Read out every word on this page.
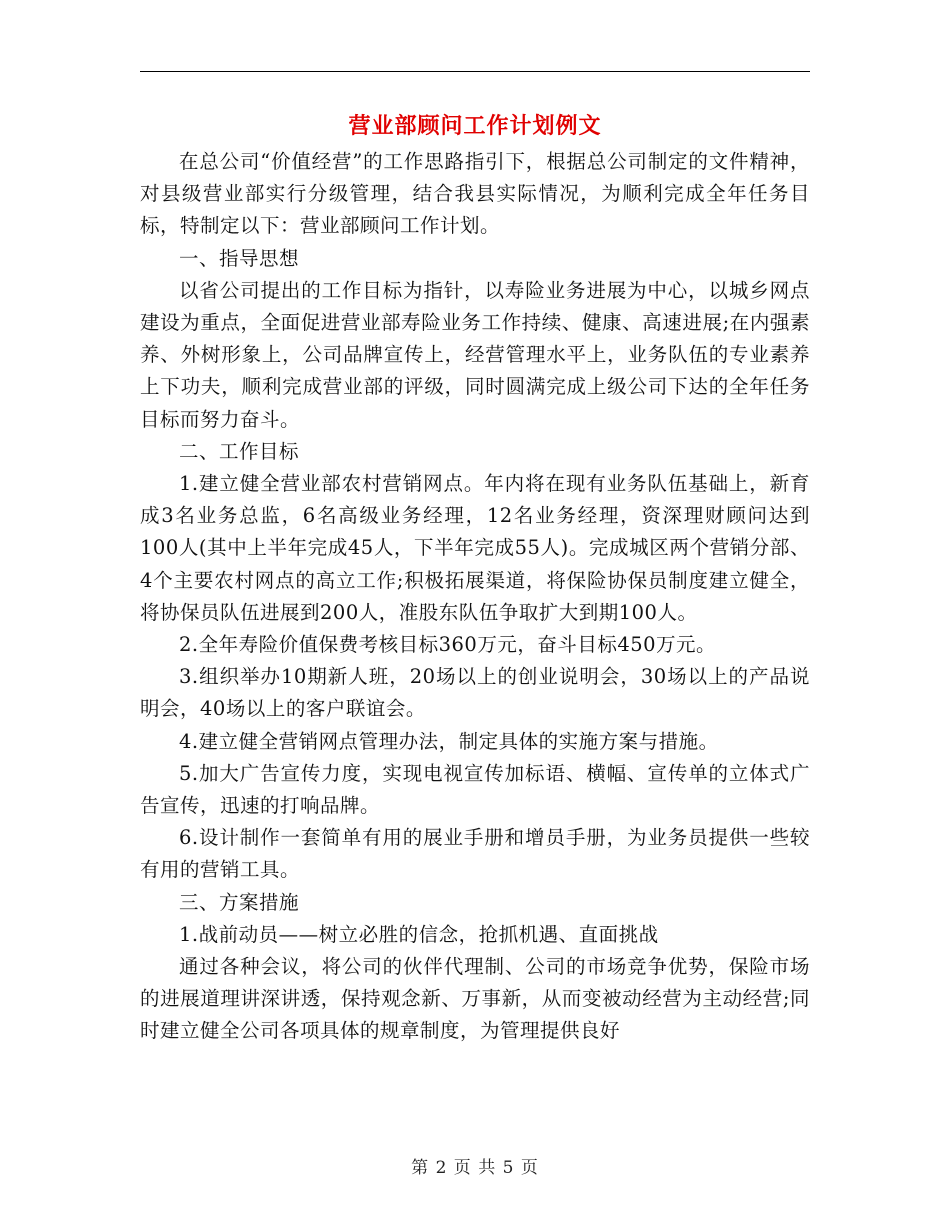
营业部顾问工作计划例文

在总公司“价值经营”的工作思路指引下，根据总公司制定的文件精神，对县级营业部实行分级管理，结合我县实际情况，为顺利完成全年任务目标，特制定以下：营业部顾问工作计划。

一、指导思想

以省公司提出的工作目标为指针，以寿险业务进展为中心，以城乡网点建设为重点，全面促进营业部寿险业务工作持续、健康、高速进展;在内强素养、外树形象上，公司品牌宣传上，经营管理水平上，业务队伍的专业素养上下功夫，顺利完成营业部的评级，同时圆满完成上级公司下达的全年任务目标而努力奋斗。

二、工作目标

1.建立健全营业部农村营销网点。年内将在现有业务队伍基础上，新育成3名业务总监，6名高级业务经理，12名业务经理，资深理财顾问达到100人(其中上半年完成45人，下半年完成55人)。完成城区两个营销分部、4个主要农村网点的高立工作;积极拓展渠道，将保险协保员制度建立健全，将协保员队伍进展到200人，准股东队伍争取扩大到期100人。

2.全年寿险价值保费考核目标360万元，奋斗目标450万元。

3.组织举办10期新人班，20场以上的创业说明会，30场以上的产品说明会，40场以上的客户联谊会。

4.建立健全营销网点管理办法，制定具体的实施方案与措施。

5.加大广告宣传力度，实现电视宣传加标语、横幅、宣传单的立体式广告宣传，迅速的打响品牌。

6.设计制作一套简单有用的展业手册和增员手册，为业务员提供一些较有用的营销工具。

三、方案措施

1.战前动员——树立必胜的信念，抢抓机遇、直面挑战

通过各种会议，将公司的伙伴代理制、公司的市场竞争优势，保险市场的进展道理讲深讲透，保持观念新、万事新，从而变被动经营为主动经营;同时建立健全公司各项具体的规章制度，为管理提供良好

第 2 页 共 5 页
